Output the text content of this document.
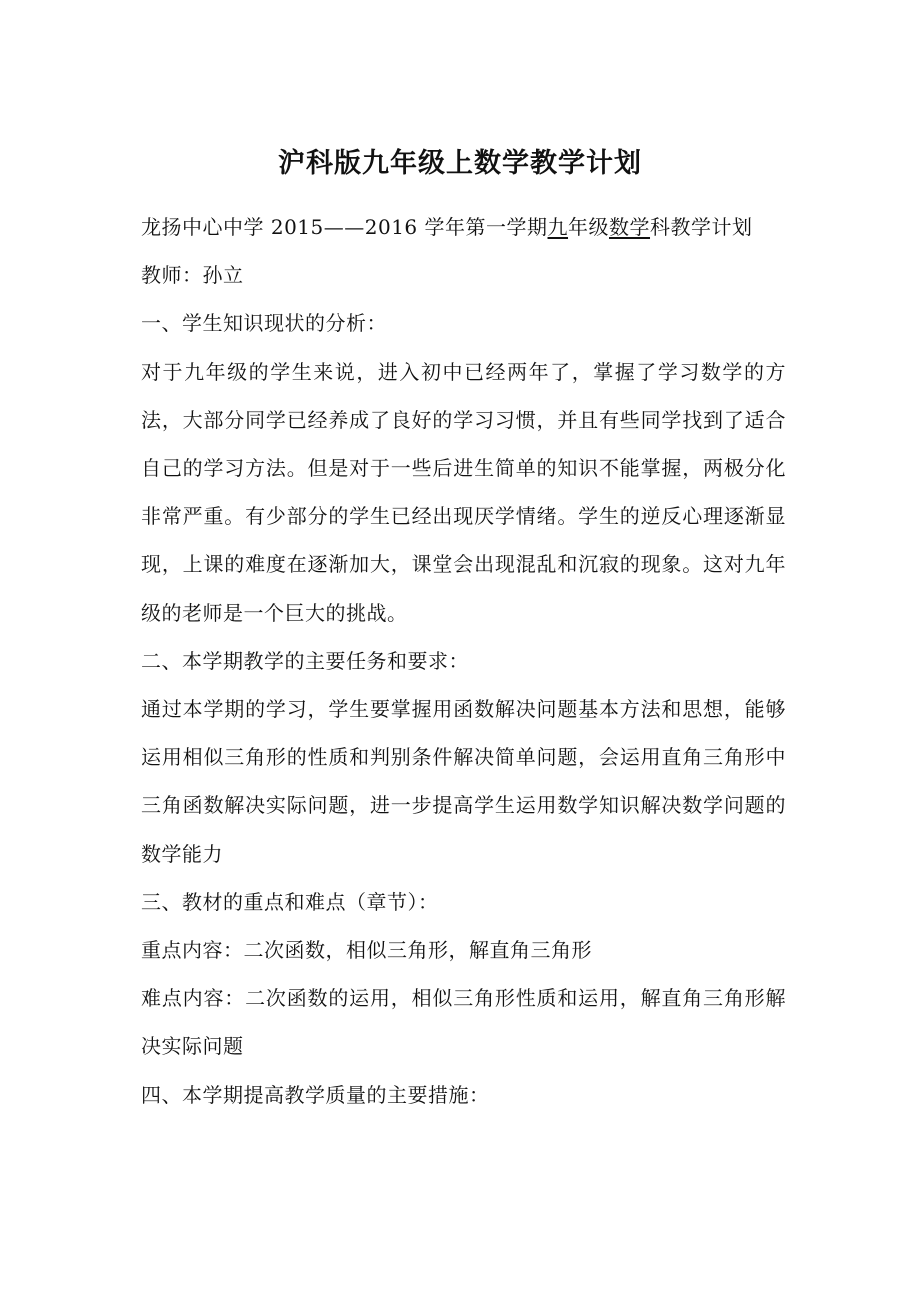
沪科版九年级上数学教学计划

龙扬中心中学 2015——2016 学年第一学期九年级数学科教学计划

教师：孙立

一、学生知识现状的分析：

对于九年级的学生来说，进入初中已经两年了，掌握了学习数学的方法，大部分同学已经养成了良好的学习习惯，并且有些同学找到了适合自己的学习方法。但是对于一些后进生简单的知识不能掌握，两极分化非常严重。有少部分的学生已经出现厌学情绪。学生的逆反心理逐渐显现，上课的难度在逐渐加大，课堂会出现混乱和沉寂的现象。这对九年级的老师是一个巨大的挑战。

二、本学期教学的主要任务和要求：

通过本学期的学习，学生要掌握用函数解决问题基本方法和思想，能够运用相似三角形的性质和判别条件解决简单问题，会运用直角三角形中三角函数解决实际问题，进一步提高学生运用数学知识解决数学问题的数学能力

三、教材的重点和难点（章节）：

重点内容：二次函数，相似三角形，解直角三角形

难点内容：二次函数的运用，相似三角形性质和运用，解直角三角形解决实际问题

四、本学期提高教学质量的主要措施：
